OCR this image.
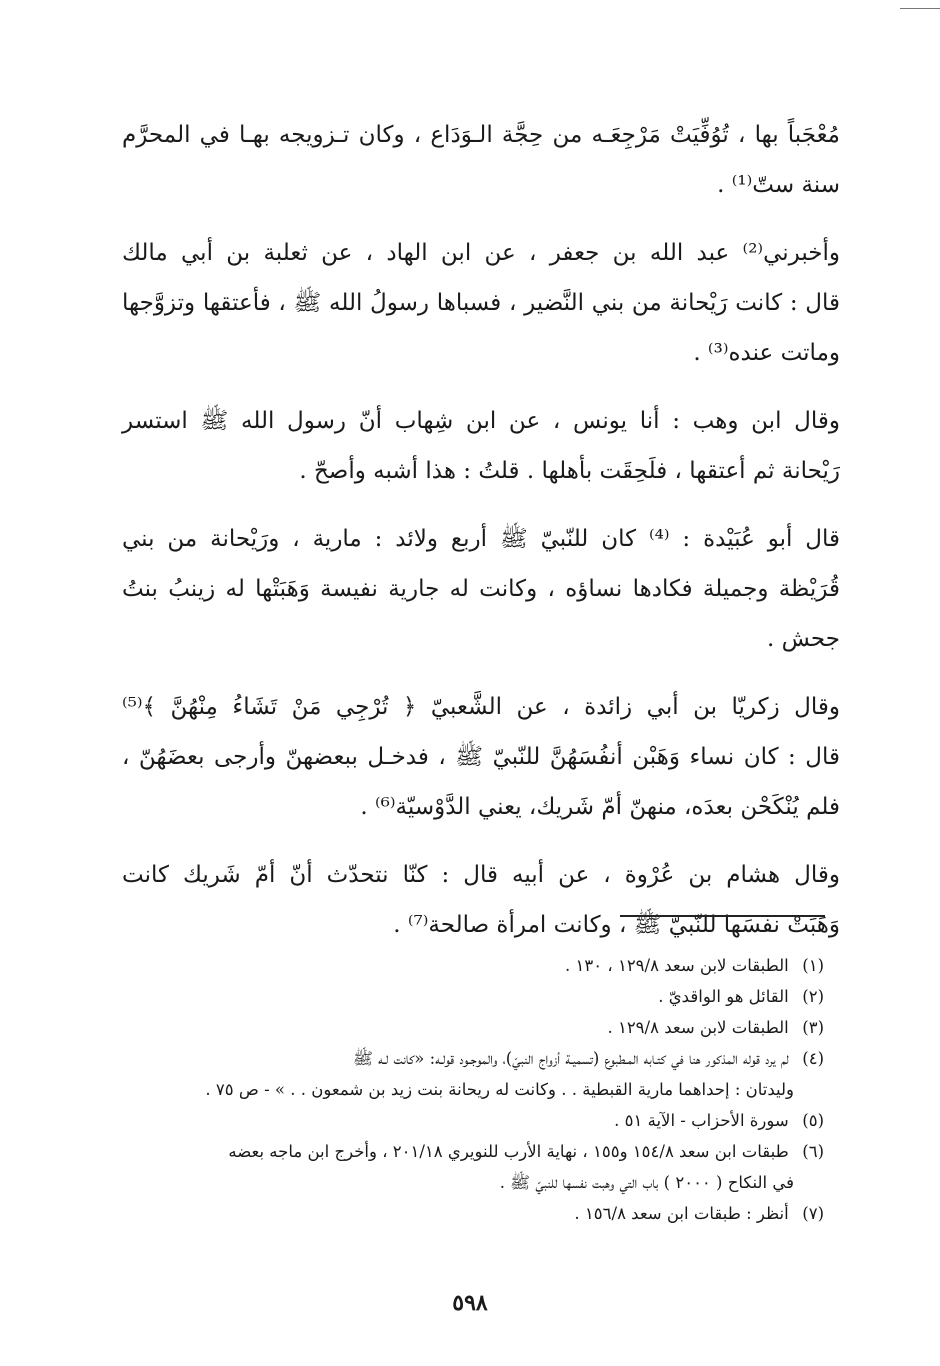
مُعْجَباً بها ، تُوُفِّيَتْ مَرْجِعَـه من حِجَّة الـوَدَاع ، وكان تـزويجه بهـا في المحرَّم
سنة ستّ⁽¹⁾ .

وأخبرني⁽²⁾ عبد الله بن جعفر ، عن ابن الهاد ، عن ثعلبة بن أبي مالك
قال : كانت رَيْحانة من بني النَّضير ، فسباها رسولُ الله ﷺ ، فأعتقها وتزوَّجها
وماتت عنده⁽³⁾ .

وقال ابن وهب : أنا يونس ، عن ابن شِهاب أنّ رسول الله ﷺ استسر
رَيْحانة ثم أعتقها ، فلَحِقَت بأهلها . قلتُ : هذا أشبه وأصحّ .

قال أبو عُبَيْدة : ⁽⁴⁾ كان للنّبيّ ﷺ أربع ولائد : مارية ، ورَيْحانة من بني
قُرَيْظة وجميلة فكادها نساؤه ، وكانت له جارية نفيسة وَهَبَتْها له زينبُ بنتُ
جحش .

وقال زكريّا بن أبي زائدة ، عن الشَّعبيّ ﴿ تُرْجِي مَنْ تَشَاءُ مِنْهُنَّ ﴾⁽⁵⁾
قال : كان نساء وَهَبْن أنفُسَهُنَّ للنّبيّ ﷺ ، فدخـل ببعضهنّ وأرجى بعضَهُنّ ،
فلم يُنْكَحْن بعدَه، منهنّ أمّ شَريك، يعني الدَّوْسيّة⁽⁶⁾ .

وقال هشام بن عُرْوة ، عن أبيه قال : كنّا نتحدّث أنّ أمّ شَريك كانت
وَهَبَتْ نفسَها للنّبيّ ﷺ ، وكانت امرأة صالحة⁽⁷⁾ .

(١) الطبقات لابن سعد ١٢٩/٨ ، ١٣٠ .
(٢) القائل هو الواقديّ .
(٣) الطبقات لابن سعد ١٢٩/٨ .
(٤) لم يرد قوله المذكور هنا في كتـابه المـطبوع (تسميـة أزواج النبيّ)، والموجـود قولـه: «كانت لـه ﷺ
وليدتان : إحداهما مارية القبطية . . وكانت له ريحانة بنت زيد بن شمعون . . » - ص ٧٥ .
(٥) سورة الأحزاب - الآية ٥١ .
(٦) طبقات ابن سعد ١٥٤/٨ و١٥٥ ، نهاية الأرب للنويري ٢٠١/١٨ ، وأخرج ابن ماجه بعضه
في النكاح ( ٢٠٠٠ ) باب التي وهبت نفسها للنبيّ ﷺ .
(٧) أنظر : طبقات ابن سعد ١٥٦/٨ .
٥٩٨
